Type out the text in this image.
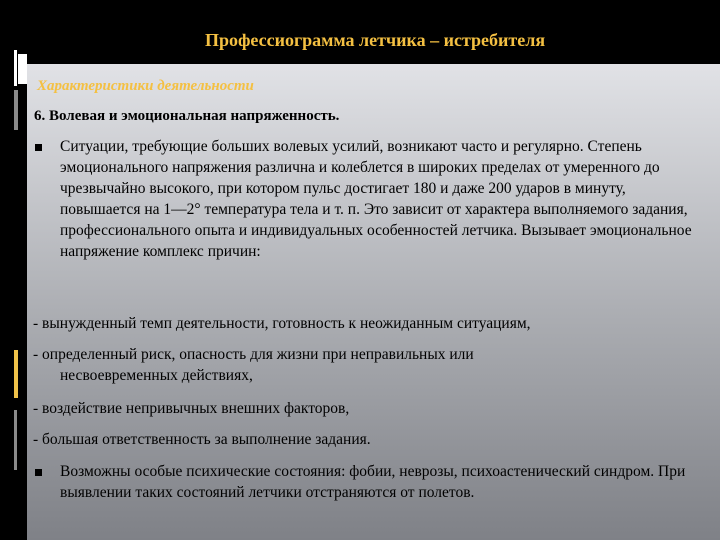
Профессиограмма летчика – истребителя
Характеристики деятельности
6. Волевая и эмоциональная напряженность.
Ситуации, требующие больших волевых усилий, возникают часто и регулярно. Степень эмоционального напряжения различна и колеблется в широких пределах от умеренного до чрезвычайно высокого, при котором пульс достигает 180 и даже 200 ударов в минуту, повышается на 1—2° температура тела и т. п. Это зависит от характера выполняемого задания, профессионального опыта и индивидуальных особенностей летчика. Вызывает эмоциональное напряжение комплекс причин:
- вынужденный темп деятельности, готовность к неожиданным ситуациям,
- определенный риск, опасность для жизни при неправильных или
несвоевременных действиях,
- воздействие непривычных внешних факторов,
- большая ответственность за выполнение задания.
Возможны особые психические состояния: фобии, неврозы, психоастенический синдром. При выявлении таких состояний летчики отстраняются от полетов.
